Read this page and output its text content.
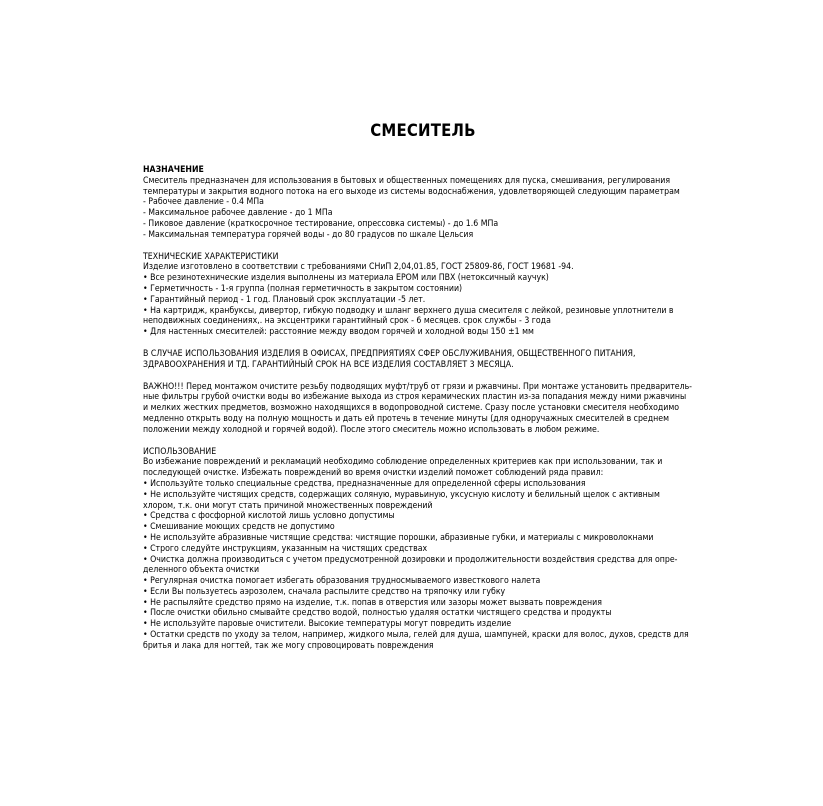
СМЕСИТЕЛЬ
НАЗНАЧЕНИЕ
Смеситель предназначен для использования в бытовых и общественных помещениях для пуска, смешивания, регулирования
температуры и закрытия водного потока на его выходе из системы водоснабжения, удовлетворяющей следующим параметрам
- Рабочее давление - 0.4 МПа
- Максимальное рабочее давление - до 1 МПа
- Пиковое давление (краткосрочное тестирование, опрессовка системы) - до 1.6 МПа
- Максимальная температура горячей воды - до 80 градусов по шкале Цельсия
ТЕХНИЧЕСКИЕ ХАРАКТЕРИСТИКИ
Изделие изготовлено в соответствии с требованиями СНиП 2,04,01.85, ГОСТ 25809-86, ГОСТ 19681 -94.
• Все резинотехнические изделия выполнены из материала EPOM или ПВХ (нетоксичный каучук)
• Герметичность - 1-я группа (полная герметичность в закрытом состоянии)
• Гарантийный период - 1 год. Плановый срок эксплуатации -5 лет.
• На картридж, кранбуксы, дивертор, гибкую подводку и шланг верхнего душа смесителя с лейкой, резиновые уплотнители в
неподвижных соединениях,. на эксцентрики гарантийный срок - 6 месяцев. срок службы - 3 года
• Для настенных смесителей: расстояние между вводом горячей и холодной воды 150 ±1 мм
В СЛУЧАЕ ИСПОЛЬЗОВАНИЯ ИЗДЕЛИЯ В ОФИСАХ, ПРЕДПРИЯТИЯХ СФЕР ОБСЛУЖИВАНИЯ, ОБЩЕСТВЕННОГО ПИТАНИЯ,
ЗДРАВООХРАНЕНИЯ И ТД. ГАРАНТИЙНЫЙ СРОК НА ВСЕ ИЗДЕЛИЯ СОСТАВЛЯЕТ 3 МЕСЯЦА.
ВАЖНО!!! Перед монтажом очистите резьбу подводящих муфт/труб от грязи и ржавчины. При монтаже установить предваритель-
ные фильтры грубой очистки воды во избежание выхода из строя керамических пластин из-за попадания между ними ржавчины
и мелких жестких предметов, возможно находящихся в водопроводной системе. Сразу после установки смесителя необходимо
медленно открыть воду на полную мощность и дать ей протечь в течение минуты (для одноручажных смесителей в среднем
положении между холодной и горячей водой). После этого смеситель можно использовать в любом режиме.
ИСПОЛЬЗОВАНИЕ
Во избежание повреждений и рекламаций необходимо соблюдение определенных критериев как при использовании, так и
последующей очистке. Избежать повреждений во время очистки изделий поможет соблюдений ряда правил:
• Используйте только специальные средства, предназначенные для определенной сферы использования
• Не используйте чистящих средств, содержащих соляную, муравьиную, уксусную кислоту и белильный щелок с активным
хлором, т.к. они могут стать причиной множественных повреждений
• Средства с фосфорной кислотой лишь условно допустимы
• Смешивание моющих средств не допустимо
• Не используйте абразивные чистящие средства: чистящие порошки, абразивные губки, и материалы с микроволокнами
• Строго следуйте инструкциям, указанным на чистящих средствах
• Очистка должна производиться с учетом предусмотренной дозировки и продолжительности воздействия средства для опре-
деленного объекта очистки
• Регулярная очистка помогает избегать образования трудносмываемого известкового налета
• Если Вы пользуетесь аэрозолем, сначала распылите средство на тряпочку или губку
• Не распыляйте средство прямо на изделие, т.к. попав в отверстия или зазоры может вызвать повреждения
• После очистки обильно смывайте средство водой, полностью удаляя остатки чистящего средства и продукты
• Не используйте паровые очистители. Высокие температуры могут повредить изделие
• Остатки средств по уходу за телом, например, жидкого мыла, гелей для душа, шампуней, краски для волос, духов, средств для
бритья и лака для ногтей, так же могу спровоцировать повреждения
